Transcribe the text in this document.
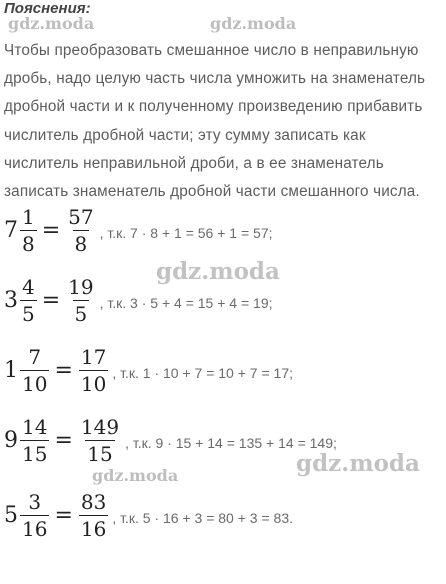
Пояснения:
gdz.moda	gdz.moda
Чтобы преобразовать смешанное число в неправильную дробь, надо целую часть числа умножить на знаменатель дробной части и к полученному произведению прибавить числитель дробной части; эту сумму записать как числитель неправильной дроби, а в ее знаменатель записать знаменатель дробной части смешанного числа.
gdz.moda
gdz.moda
gdz.moda
$7 \frac{1}{8} = \frac{57}{8}$ , т.к. 7 · 8 + 1 = 56 + 1 = 57;
$3 \frac{4}{5} = \frac{19}{5}$ , т.к. 3 · 5 + 4 = 15 + 4 = 19;
$1 \frac{7}{10} = \frac{17}{10}$ , т.к. 1 · 10 + 7 = 10 + 7 = 17;
$9 \frac{14}{15} = \frac{149}{15}$ , т.к. 9 · 15 + 14 = 135 + 14 = 149;
$5 \frac{3}{16} = \frac{83}{16}$ , т.к. 5 · 16 + 3 = 80 + 3 = 83.
